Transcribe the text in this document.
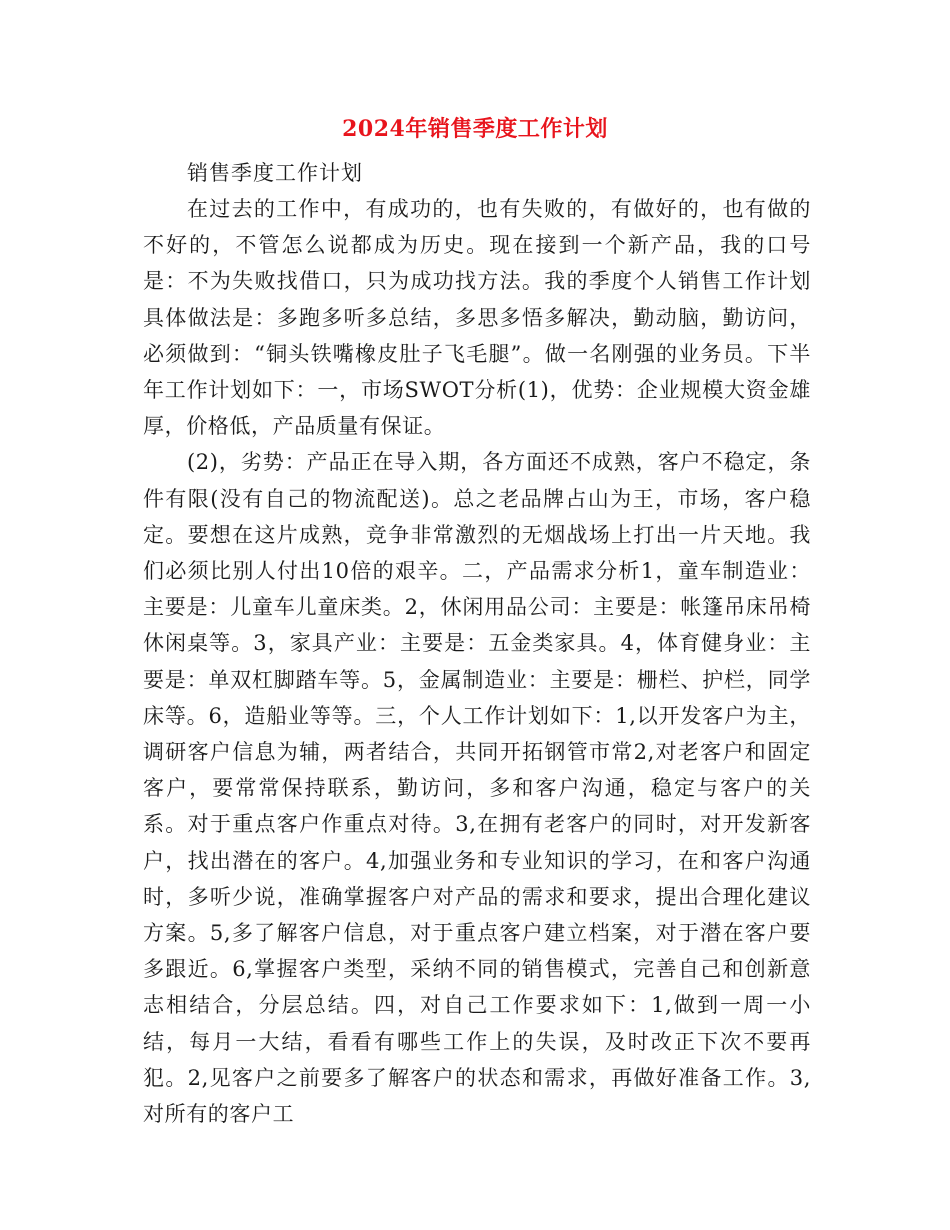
2024年销售季度工作计划

销售季度工作计划

在过去的工作中，有成功的，也有失败的，有做好的，也有做的不好的，不管怎么说都成为历史。现在接到一个新产品，我的口号是：不为失败找借口，只为成功找方法。我的季度个人销售工作计划具体做法是：多跑多听多总结，多思多悟多解决，勤动脑，勤访问，必须做到：“铜头铁嘴橡皮肚子飞毛腿”。做一名刚强的业务员。下半年工作计划如下：一，市场SWOT分析(1)，优势：企业规模大资金雄厚，价格低，产品质量有保证。

(2)，劣势：产品正在导入期，各方面还不成熟，客户不稳定，条件有限(没有自己的物流配送)。总之老品牌占山为王，市场，客户稳定。要想在这片成熟，竞争非常激烈的无烟战场上打出一片天地。我们必须比别人付出10倍的艰辛。二，产品需求分析1，童车制造业：主要是：儿童车儿童床类。2，休闲用品公司：主要是：帐篷吊床吊椅休闲桌等。3，家具产业：主要是：五金类家具。4，体育健身业：主要是：单双杠脚踏车等。5，金属制造业：主要是：栅栏、护栏，同学床等。6，造船业等等。三，个人工作计划如下：1,以开发客户为主，调研客户信息为辅，两者结合，共同开拓钢管市常2,对老客户和固定客户，要常常保持联系，勤访问，多和客户沟通，稳定与客户的关系。对于重点客户作重点对待。3,在拥有老客户的同时，对开发新客户，找出潜在的客户。4,加强业务和专业知识的学习，在和客户沟通时，多听少说，准确掌握客户对产品的需求和要求，提出合理化建议方案。5,多了解客户信息，对于重点客户建立档案，对于潜在客户要多跟近。6,掌握客户类型，采纳不同的销售模式，完善自己和创新意志相结合，分层总结。四，对自己工作要求如下：1,做到一周一小结，每月一大结，看看有哪些工作上的失误，及时改正下次不要再犯。2,见客户之前要多了解客户的状态和需求，再做好准备工作。3,对所有的客户工
